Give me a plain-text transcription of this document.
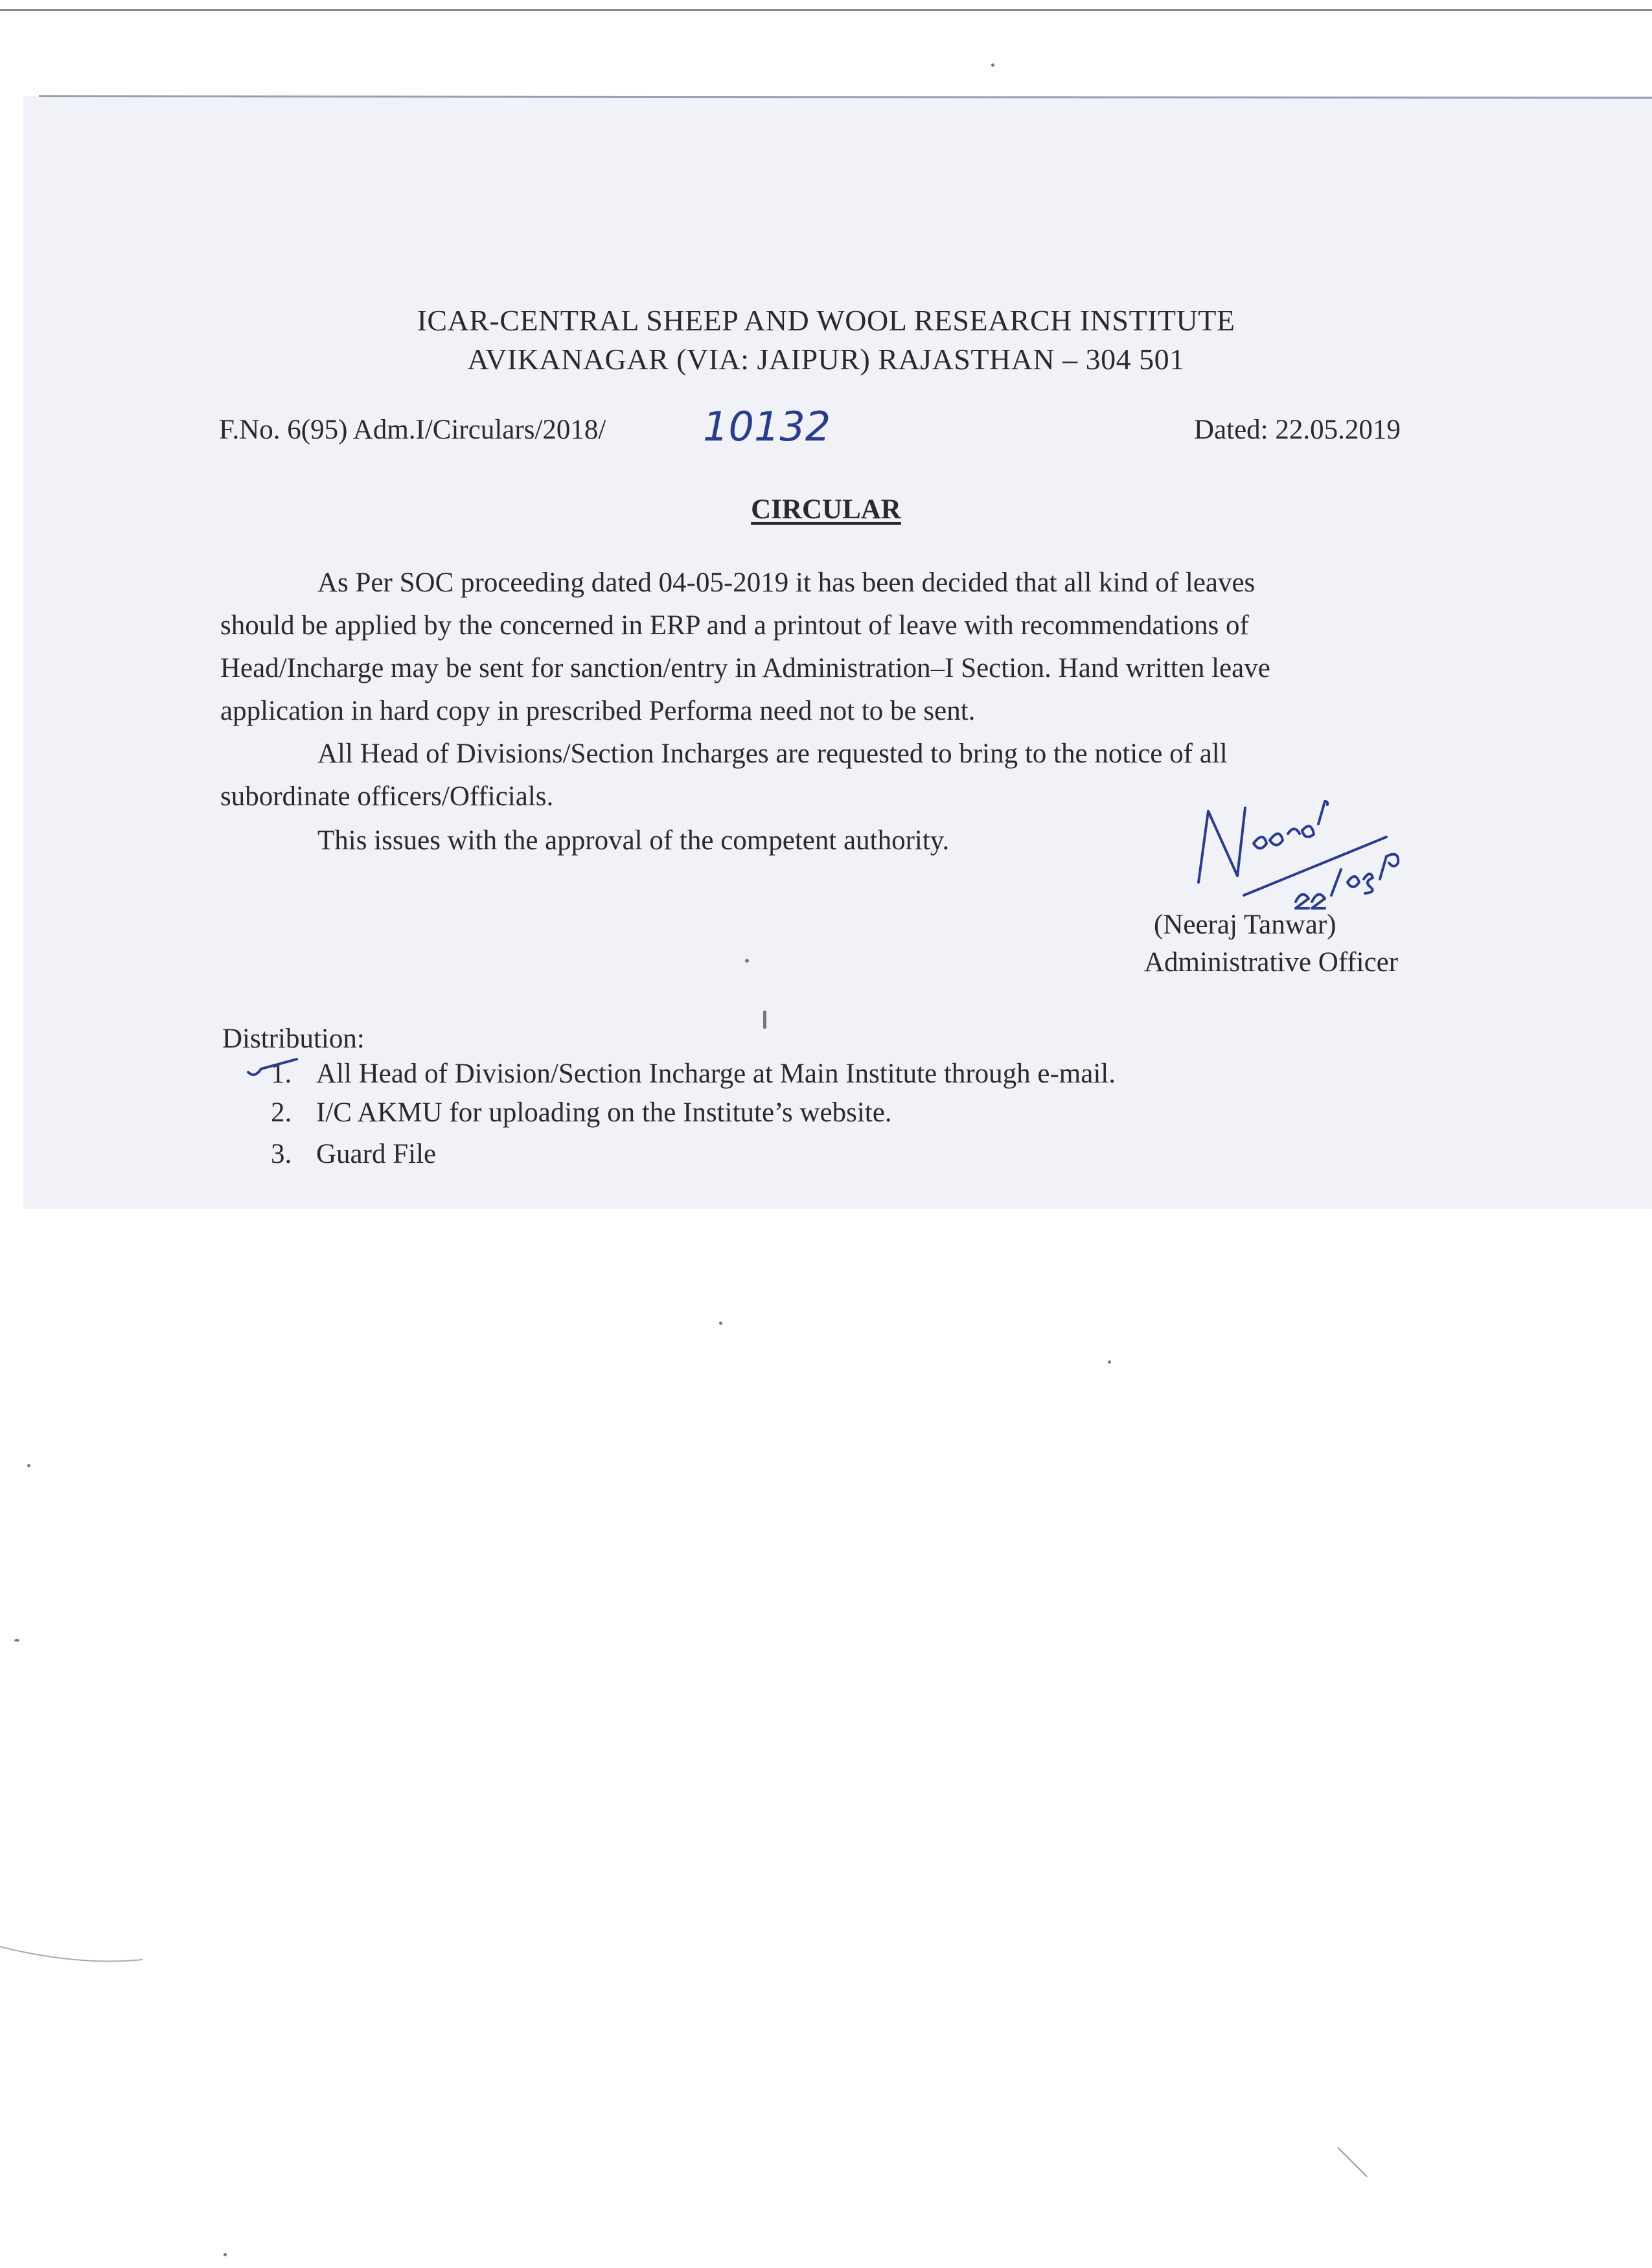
ICAR-CENTRAL SHEEP AND WOOL RESEARCH INSTITUTE
AVIKANAGAR (VIA: JAIPUR) RAJASTHAN – 304 501
F.No. 6(95) Adm.I/Circulars/2018/ 10132	Dated: 22.05.2019
CIRCULAR
As Per SOC proceeding dated 04-05-2019 it has been decided that all kind of leaves
should be applied by the concerned in ERP and a printout of leave with recommendations of
Head/Incharge may be sent for sanction/entry in Administration–I Section. Hand written leave
application in hard copy in prescribed Performa need not to be sent.
All Head of Divisions/Section Incharges are requested to bring to the notice of all
subordinate officers/Officials.
This issues with the approval of the competent authority.
(Neeraj Tanwar)
Administrative Officer
Distribution:
1. All Head of Division/Section Incharge at Main Institute through e-mail.
2. I/C AKMU for uploading on the Institute’s website.
3. Guard File
